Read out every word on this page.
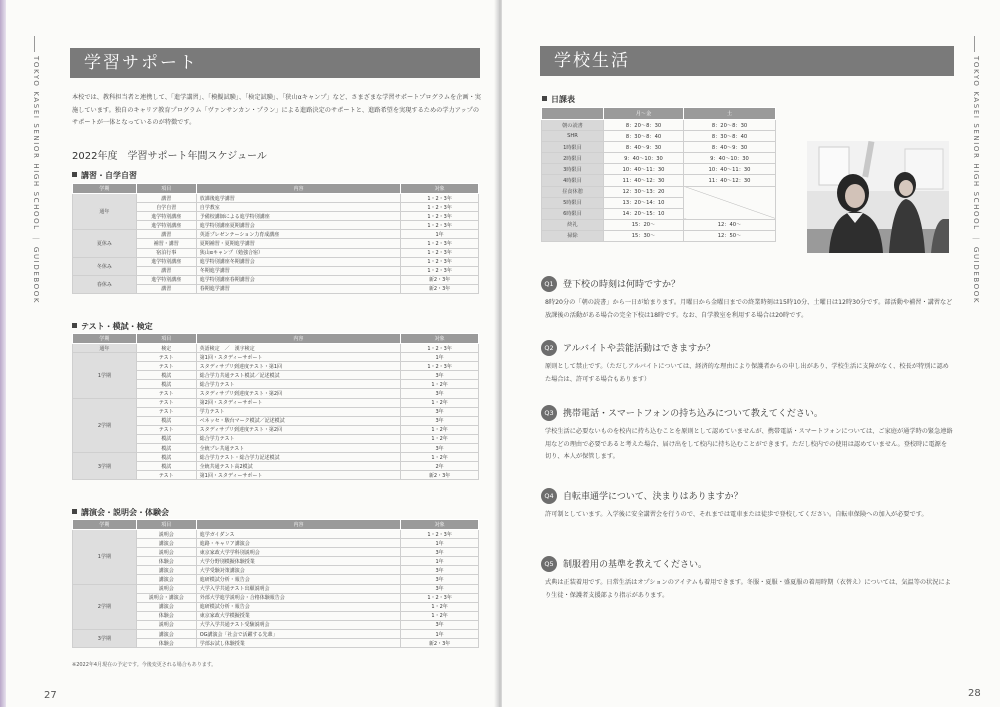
TOKYO KASEI SENIOR HIGH SCHOOL ｜ GUIDEBOOK	学習サポート

本校では、教科担当者と連携して、「進学講習」、「模擬試験」、「検定試験」、「狭山αキャンプ」など、さまざまな学習サポートプログラムを企画・実施しています。独自のキャリア教育プログラム「ヴァンサンカン・プラン」による進路決定のサポートと、進路希望を実現するための学力アップのサポートが一体となっているのが特徴です。

2022年度　学習サポート年間スケジュール
講習・自学自習
学期	項目	内容	対象
通年	講習	放課後進学講習	1・2・3年
	自学自習	自学教室	1・2・3年
	進学特別講座	予備校講師による進学特別講座	1・2・3年
	進学特別講座	進学特別講座夏期講習会	1・2・3年
夏休み	講習	英語プレゼンテーション力育成講座	1年
	補習・講習	夏期補習・夏期進学講習	1・2・3年
	宿泊行事	狭山αキャンプ（勉強合宿）	1・2・3年
冬休み	進学特別講座	進学特別講座冬期講習会	1・2・3年
	講習	冬期進学講習	1・2・3年
春休み	進学特別講座	進学特別講座春期講習会	新2・3年
	講習	春期進学講習	新2・3年
テスト・模試・検定
学期	項目	内容	対象
通年	検定	英語検定　／　漢字検定	1・2・3年
1学期	テスト	第1回・スタディーサポート	1年
	テスト	スタディサプリ到達度テスト・第1回	1・2・3年
	模試	総合学力共通テスト模試／記述模試	3年
	模試	総合学力テスト	1・2年
	テスト	スタディサプリ到達度テスト・第2回	3年
2学期	テスト	第2回・スタディーサポート	1・2年
	テスト	学力テスト	3年
	模試	ベネッセ・駿台マーク模試／記述模試	3年
	テスト	スタディサプリ到達度テスト・第2回	1・2年
	模試	総合学力テスト	1・2年
	模試	全統プレ共通テスト	3年
3学期	模試	総合学力テスト・総合学力記述模試	1・2年
	模試	全統共通テスト高2模試	2年
	テスト	第1回・スタディーサポート	新2・3年
講演会・説明会・体験会
学期	項目	内容	対象
1学期	説明会	進学ガイダンス	1・2・3年
	講演会	進路・キャリア講演会	1年
	説明会	東京家政大学学科別説明会	3年
	体験会	大学分野別模擬体験授業	1年
	講演会	大学受験対策講演会	3年
	講演会	進研模試分析・報告会	3年
2学期	説明会	大学入学共通テスト出願説明会	3年
	説明会・講演会	外部大学進学説明会・合格体験報告会	1・2・3年
	講演会	進研模試分析・報告会	1・2年
	体験会	東京家政大学模擬授業	1・2年
	説明会	大学入学共通テスト受験説明会	3年
3学期	講演会	OG講演会「社会で活躍する先輩」	1年
	体験会	学部お試し体験授業	新2・3年
※2022年4月現在の予定です。今後変更される場合もあります。
27
学校生活	TOKYO KASEI SENIOR HIGH SCHOOL ｜ GUIDEBOOK
28
日課表
	月～金	土
朝の読書	8：20～8：30	8：20～8：30
SHR	8：30～8：40	8：30～8：40
1時限目	8：40～9：30	8：40～9：30
2時限目	9：40～10：30	9：40～10：30
3時限目	10：40～11：30	10：40～11：30
4時限目	11：40～12：30	11：40～12：30
昼食休憩	12：30～13：20	
5時限目	13：20～14：10	
6時限目	14：20～15：10	
終礼	15：20～	12：40～
掃除	15：30～	12：50～
Q1 登下校の時刻は何時ですか？

8時20分の「朝の読書」から一日が始まります。月曜日から金曜日までの終業時刻は15時10分、土曜日は12時30分です。部活動や補習・講習など放課後の活動がある場合の完全下校は18時です。なお、自学教室を利用する場合は20時です。

Q2 アルバイトや芸能活動はできますか？

原則として禁止です。（ただしアルバイトについては、経済的な理由により保護者からの申し出があり、学校生活に支障がなく、校長が特別に認めた場合は、許可する場合もあります）

Q3 携帯電話・スマートフォンの持ち込みについて教えてください。

学校生活に必要ないものを校内に持ち込むことを原則として認めていませんが、携帯電話・スマートフォンについては、ご家庭が通学時の緊急連絡用などの理由で必要であると考えた場合、届け出をして校内に持ち込むことができます。ただし校内での使用は認めていません。登校時に電源を切り、本人が保管します。

Q4 自転車通学について、決まりはありますか？

許可制としています。入学後に安全講習会を行うので、それまでは電車または徒歩で登校してください。自転車保険への加入が必要です。

Q5 制服着用の基準を教えてください。

式典は正装着用です。日常生活はオプションのアイテムも着用できます。冬服・夏服・盛夏服の着用時期（衣替え）については、気温等の状況により生徒・保護者支援部より指示があります。
